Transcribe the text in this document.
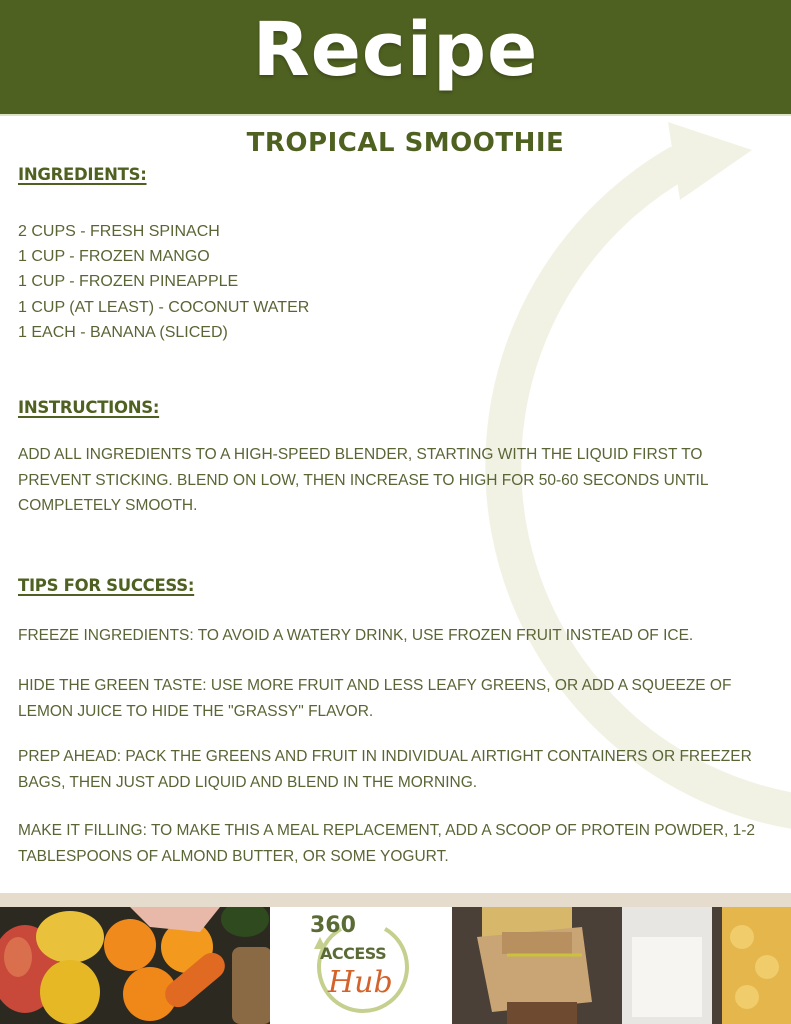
Recipe
TROPICAL SMOOTHIE
INGREDIENTS:
2 CUPS - FRESH SPINACH
1 CUP - FROZEN MANGO
1 CUP - FROZEN PINEAPPLE
1 CUP (AT LEAST) - COCONUT WATER
1 EACH - BANANA (SLICED)
INSTRUCTIONS:
ADD ALL INGREDIENTS TO A HIGH-SPEED BLENDER, STARTING WITH THE LIQUID FIRST TO PREVENT STICKING. BLEND ON LOW, THEN INCREASE TO HIGH FOR 50-60 SECONDS UNTIL COMPLETELY SMOOTH.
TIPS FOR SUCCESS:
FREEZE INGREDIENTS: TO AVOID A WATERY DRINK, USE FROZEN FRUIT INSTEAD OF ICE.
HIDE THE GREEN TASTE: USE MORE FRUIT AND LESS LEAFY GREENS, OR ADD A SQUEEZE OF LEMON JUICE TO HIDE THE "GRASSY" FLAVOR.
PREP AHEAD: PACK THE GREENS AND FRUIT IN INDIVIDUAL AIRTIGHT CONTAINERS OR FREEZER BAGS, THEN JUST ADD LIQUID AND BLEND IN THE MORNING.
MAKE IT FILLING: TO MAKE THIS A MEAL REPLACEMENT, ADD A SCOOP OF PROTEIN POWDER, 1-2 TABLESPOONS OF ALMOND BUTTER, OR SOME YOGURT.
360
ACCESS
Hub
